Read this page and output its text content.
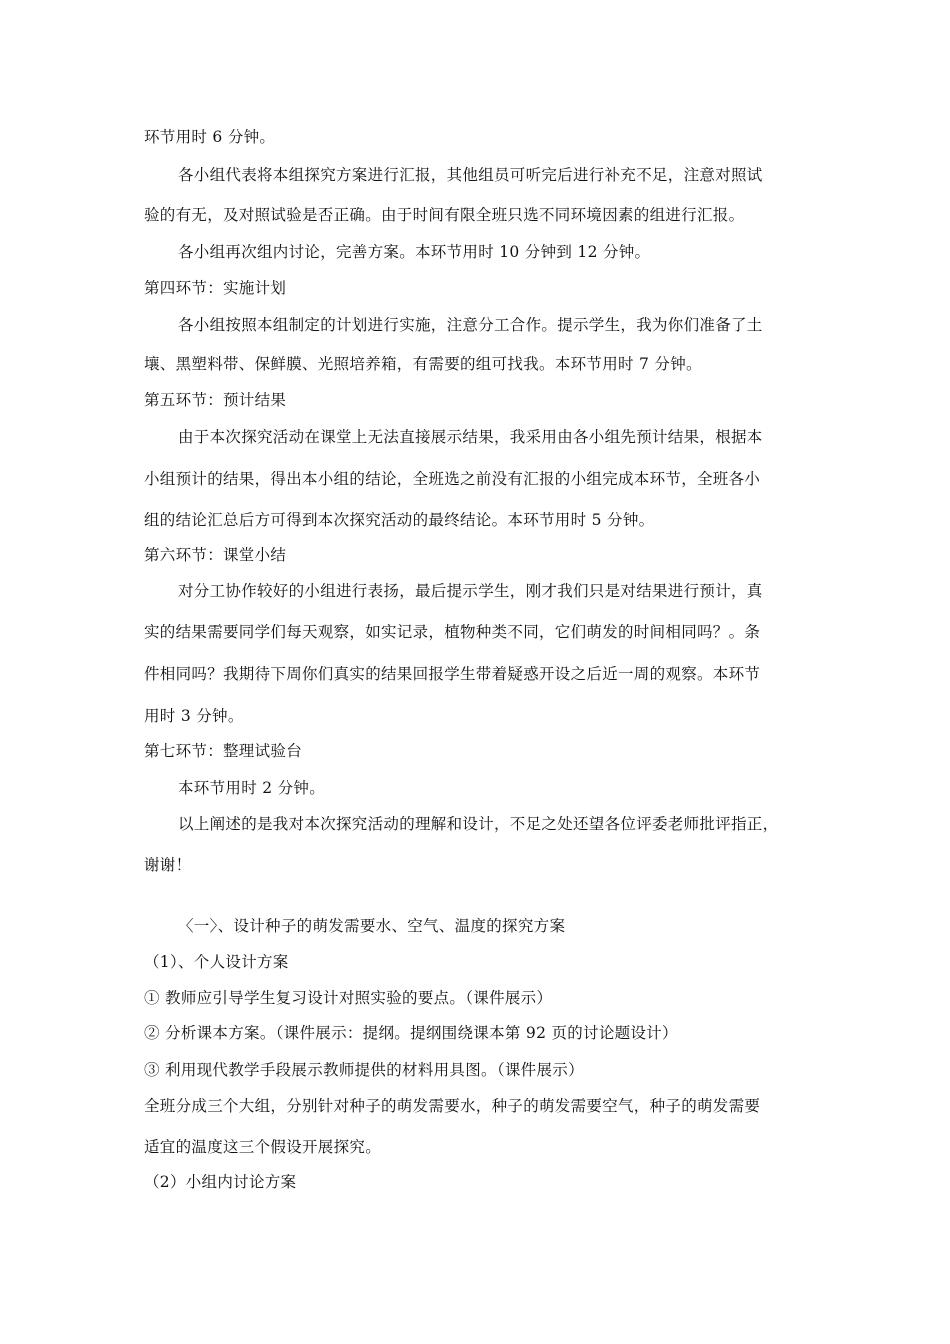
环节用时 6 分钟。
各小组代表将本组探究方案进行汇报，其他组员可听完后进行补充不足，注意对照试
验的有无，及对照试验是否正确。由于时间有限全班只选不同环境因素的组进行汇报。
各小组再次组内讨论，完善方案。本环节用时 10 分钟到 12 分钟。
第四环节：实施计划
各小组按照本组制定的计划进行实施，注意分工合作。提示学生，我为你们准备了土
壤、黑塑料带、保鲜膜、光照培养箱，有需要的组可找我。本环节用时 7 分钟。
第五环节：预计结果
由于本次探究活动在课堂上无法直接展示结果，我采用由各小组先预计结果，根据本
小组预计的结果，得出本小组的结论，全班选之前没有汇报的小组完成本环节，全班各小
组的结论汇总后方可得到本次探究活动的最终结论。本环节用时 5 分钟。
第六环节：课堂小结
对分工协作较好的小组进行表扬，最后提示学生，刚才我们只是对结果进行预计，真
实的结果需要同学们每天观察，如实记录，植物种类不同，它们萌发的时间相同吗？。条
件相同吗？我期待下周你们真实的结果回报学生带着疑惑开设之后近一周的观察。本环节
用时 3 分钟。
第七环节：整理试验台
本环节用时 2 分钟。
以上阐述的是我对本次探究活动的理解和设计，不足之处还望各位评委老师批评指正，
谢谢！
〈一〉、设计种子的萌发需要水、空气、温度的探究方案
（1）、个人设计方案
① 教师应引导学生复习设计对照实验的要点。（课件展示）
② 分析课本方案。（课件展示：提纲。提纲围绕课本第 92 页的讨论题设计）
③ 利用现代教学手段展示教师提供的材料用具图。（课件展示）
全班分成三个大组，分别针对种子的萌发需要水，种子的萌发需要空气，种子的萌发需要
适宜的温度这三个假设开展探究。
（2）小组内讨论方案
